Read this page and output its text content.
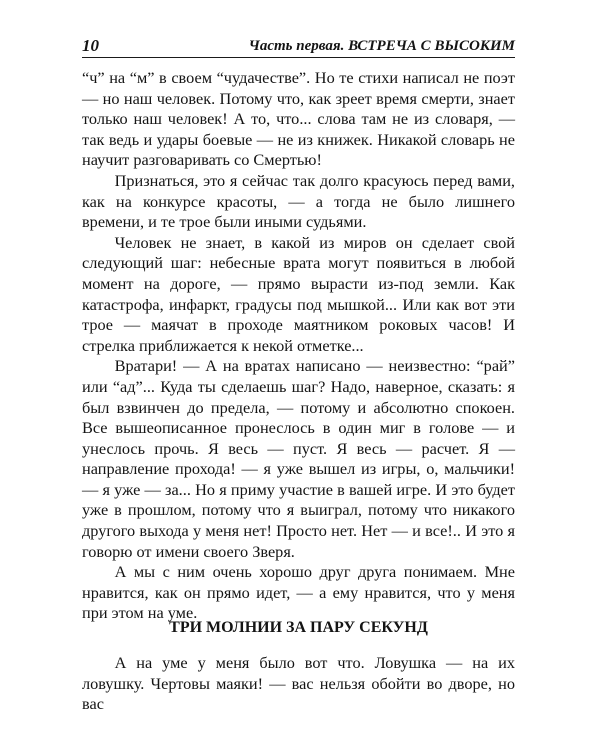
10	Часть первая. ВСТРЕЧА С ВЫСОКИМ

“ч” на “м” в своем “чудачестве”. Но те стихи написал не поэт — но наш человек. Потому что, как зреет время смерти, знает только наш человек! А то, что... слова там не из словаря, — так ведь и удары боевые — не из книжек. Никакой словарь не научит разговаривать со Смертью!

Признаться, это я сейчас так долго красуюсь перед вами, как на конкурсе красоты, — а тогда не было лишнего времени, и те трое были иными судьями.

Человек не знает, в какой из миров он сделает свой следующий шаг: небесные врата могут появиться в любой момент на дороге, — прямо вырасти из-под земли. Как катастрофа, инфаркт, градусы под мышкой... Или как вот эти трое — маячат в проходе маятником роковых часов! И стрелка приближается к некой отметке...

Вратари! — А на вратах написано — неизвестно: “рай” или “ад”... Куда ты сделаешь шаг? Надо, наверное, сказать: я был взвинчен до предела, — потому и абсолютно спокоен. Все вышеописанное пронеслось в один миг в голове — и унеслось прочь. Я весь — пуст. Я весь — расчет. Я — направление прохода! — я уже вышел из игры, о, мальчики! — я уже — за... Но я приму участие в вашей игре. И это будет уже в прошлом, потому что я выиграл, потому что никакого другого выхода у меня нет! Просто нет. Нет — и все!.. И это я говорю от имени своего Зверя.

А мы с ним очень хорошо друг друга понимаем. Мне нравится, как он прямо идет, — а ему нравится, что у меня при этом на уме.

ТРИ МОЛНИИ ЗА ПАРУ СЕКУНД

А на уме у меня было вот что. Ловушка — на их ловушку. Чертовы маяки! — вас нельзя обойти во дворе, но вас
